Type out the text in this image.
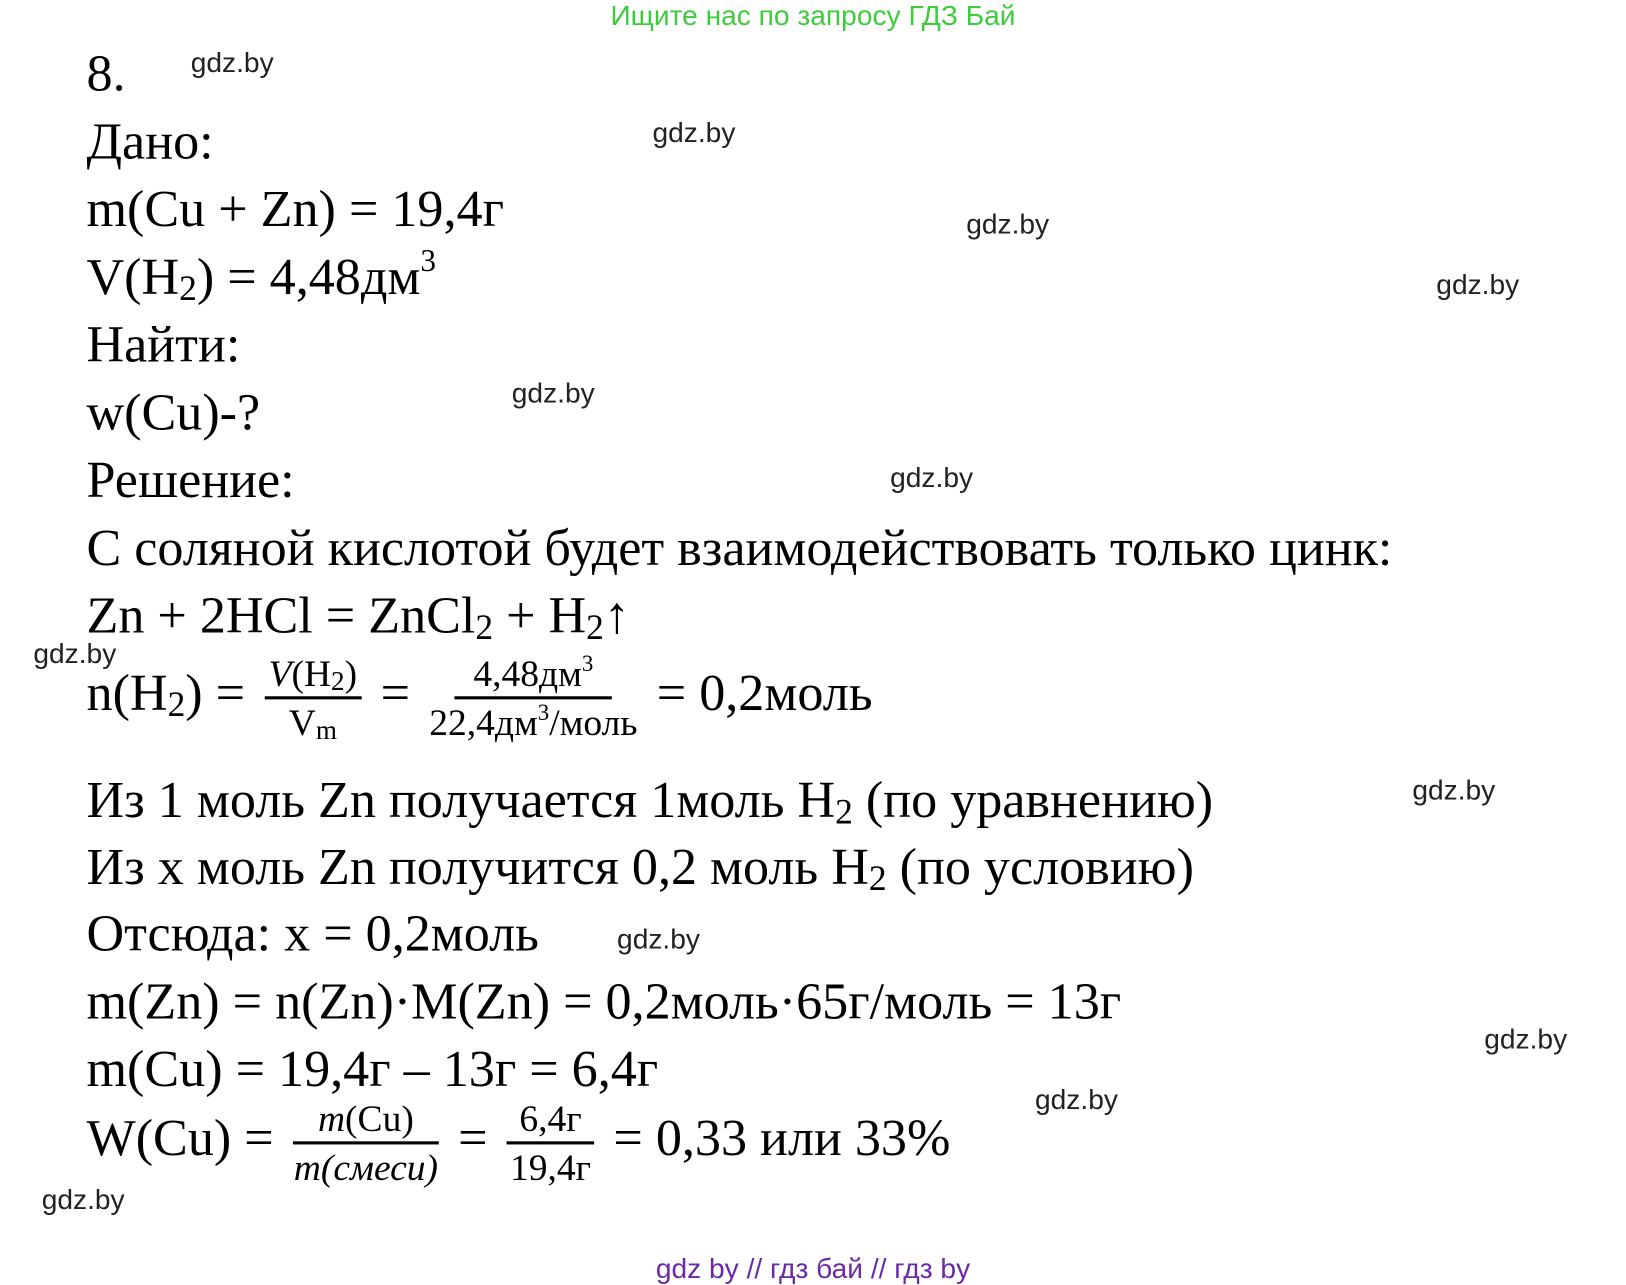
Ищите нас по запросу ГДЗ Бай
8.
Дано:
m(Cu + Zn) = 19,4г
$V(H_2) = 4,48дм^3$
Найти:
w(Cu)-?
Решение:
С соляной кислотой будет взаимодействовать только цинк:
Zn + 2HCl = ZnCl$_2$ + $H_2↑$
$n(H_2) = \frac{V(H_2)}{V_m} = \frac{4,48дм^3}{22,4дм^3/моль}$ = 0,2моль
Из 1 моль Zn получается 1моль $H_2$ (по уравнению)
Из x моль Zn получится 0,2 моль $H_2$ (по условию)
Отсюда: x = 0,2моль
m(Zn) = n(Zn)·M(Zn) = 0,2моль·65г/моль = 13г
m(Cu) = 19,4г – 13г = 6,4г
$W(Cu) = \frac{m(Cu)}{\text{m(смеси)}} = \frac{6,4г}{19,4г} = 0,33$ или 33%
gdz.by
gdz.by
gdz.by
gdz.by
gdz.by
gdz.by
gdz.by
gdz.by
gdz.by
gdz.by
gdz.by
gdz.by
gdz by // гдз бай // гдз by
